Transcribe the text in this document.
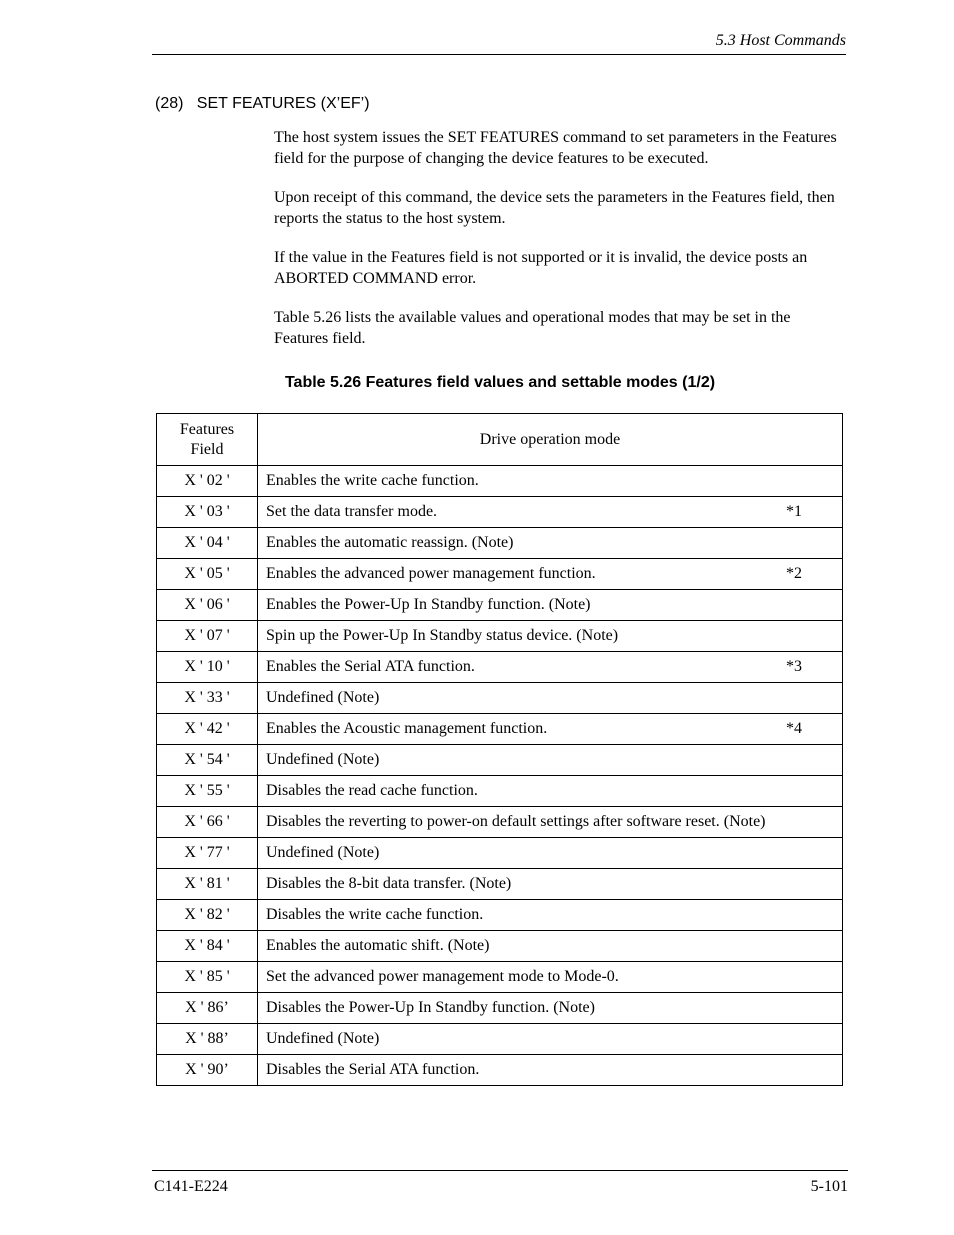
5.3 Host Commands
(28) SET FEATURES (X’EF’)

The host system issues the SET FEATURES command to set parameters in the Features field for the purpose of changing the device features to be executed.

Upon receipt of this command, the device sets the parameters in the Features field, then reports the status to the host system.

If the value in the Features field is not supported or it is invalid, the device posts an ABORTED COMMAND error.

Table 5.26 lists the available values and operational modes that may be set in the Features field.

Table 5.26 Features field values and settable modes (1/2)
Features
Field	Drive operation mode
X ' 02 '	Enables the write cache function.
X ' 03 '	Set the data transfer mode. *1

X ' 04 '	Enables the automatic reassign. (Note)
X ' 05 '	Enables the advanced power management function. *2

X ' 06 '	Enables the Power-Up In Standby function. (Note)
X ' 07 '	Spin up the Power-Up In Standby status device. (Note)
X ' 10 '	Enables the Serial ATA function. *3

X ' 33 '	Undefined (Note)
X ' 42 '	Enables the Acoustic management function. *4

X ' 54 '	Undefined (Note)
X ' 55 '	Disables the read cache function.
X ' 66 '	Disables the reverting to power-on default settings after software reset. (Note)
X ' 77 '	Undefined (Note)
X ' 81 '	Disables the 8-bit data transfer. (Note)
X ' 82 '	Disables the write cache function.
X ' 84 '	Enables the automatic shift. (Note)
X ' 85 '	Set the advanced power management mode to Mode-0.
X ' 86’	Disables the Power-Up In Standby function. (Note)
X ' 88’	Undefined (Note)
X ' 90’	Disables the Serial ATA function.
C141-E224	5-101
